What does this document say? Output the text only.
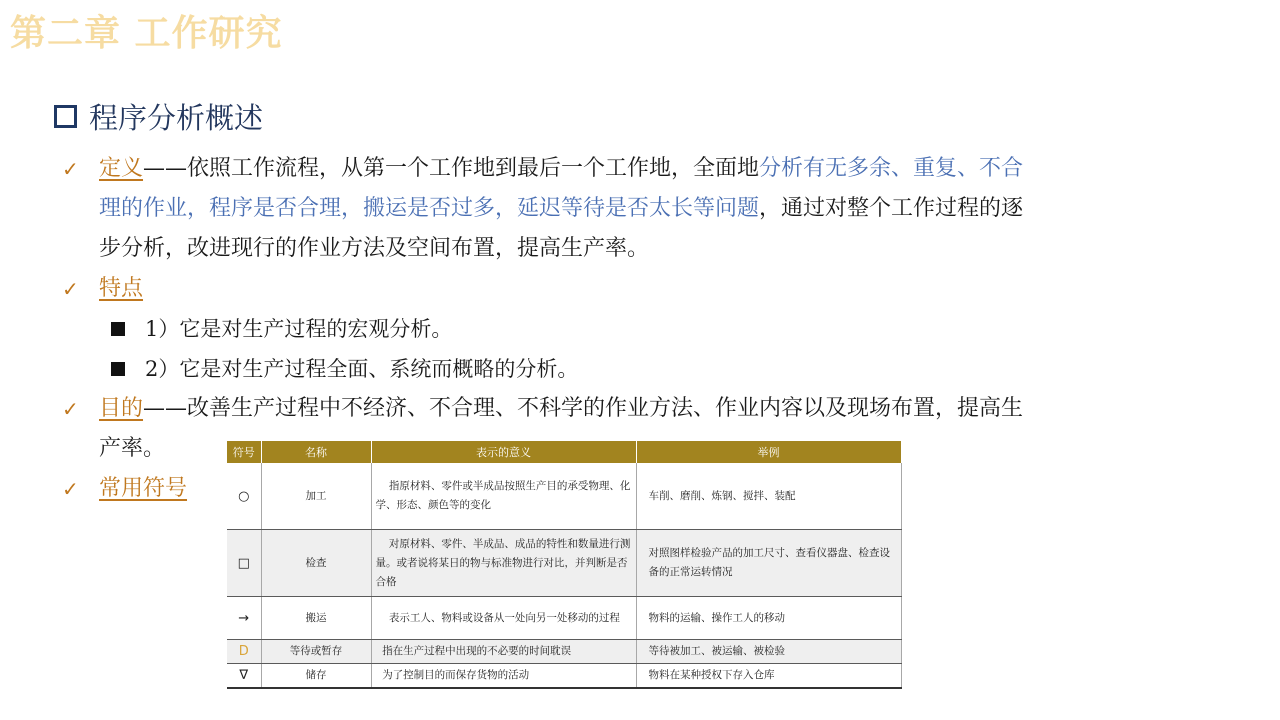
第二章 工作研究
程序分析概述
✓ 定义——依照工作流程，从第一个工作地到最后一个工作地，全面地分析有无多余、重复、不合
理的作业，程序是否合理，搬运是否过多，延迟等待是否太长等问题，通过对整个工作过程的逐
步分析，改进现行的作业方法及空间布置，提高生产率。
✓ 特点
1）它是对生产过程的宏观分析。
2）它是对生产过程全面、系统而概略的分析。
✓ 目的——改善生产过程中不经济、不合理、不科学的作业方法、作业内容以及现场布置，提高生
产率。
✓ 常用符号
符号	名称	表示的意义	举例
○	加工	指原材料、零件或半成品按照生产目的承受物理、化学、形态、颜色等的变化	车削、磨削、炼钢、搅拌、装配
□	检查	对原材料、零件、半成品、成品的特性和数量进行测量。或者说将某日的物与标准物进行对比，并判断是否合格	对照图样检验产品的加工尺寸、查看仪器盘、检查设备的正常运转情况
→	搬运	表示工人、物料或设备从一处向另一处移动的过程	物料的运输、操作工人的移动
D	等待或暂存	指在生产过程中出现的不必要的时间耽误	等待被加工、被运输、被检验
∇	储存	为了控制目的而保存货物的活动	物料在某种授权下存入仓库
